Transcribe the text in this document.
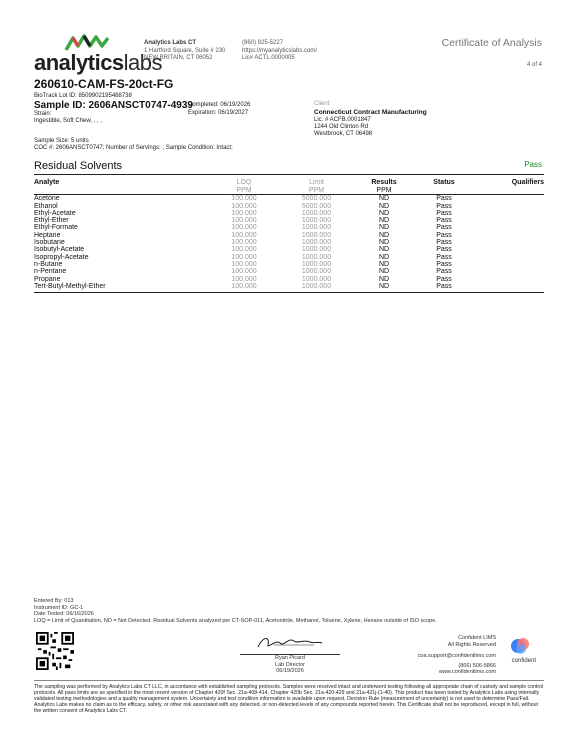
analyticslabs
Analytics Labs CT
1 Hartford Square, Suite # 230
NEW BRITAIN, CT 06052
(860) 925-5227
https://myanalyticslabs.com/
Lic# ACTL.0000005
Certificate of Analysis
4 of 4
260610-CAM-FS-20ct-FG
BioTrack Lot ID: 8509902195488738
Sample ID: 2606ANSCT0747-4939
Strain:
Ingestible, Soft Chew, , , ,
Completed: 06/19/2026
Expiration: 06/19/2027
Client
Connecticut Contract Manufacturing
Lic. # ACFB.0001847
1244 Old Clinton Rd
Westbrook, CT 06498
Sample Size: 5 units
COC #: 2606ANSCT0747; Number of Servings: ; Sample Condition: Intact;
Residual Solvents	Pass
Analyte	LOQ	Limit	Results	Status	Qualifiers
	PPM	PPM	PPM		
Acetone	100.000	5000.000	ND	Pass	
Ethanol	100.000	5000.000	ND	Pass	
Ethyl-Acetate	100.000	1000.000	ND	Pass	
Ethyl-Ether	100.000	1000.000	ND	Pass	
Ethyl-Formate	100.000	1000.000	ND	Pass	
Heptane	100.000	1000.000	ND	Pass	
Isobutane	100.000	1000.000	ND	Pass	
Isobutyl-Acetate	100.000	1000.000	ND	Pass	
Isopropyl-Acetate	100.000	1000.000	ND	Pass	
n-Butane	100.000	1000.000	ND	Pass	
n-Pentane	100.000	1000.000	ND	Pass	
Propane	100.000	1000.000	ND	Pass	
Tert-Butyl-Methyl-Ether	100.000	1000.000	ND	Pass	
Entered By: 013
Instrument ID: GC-1
Date Tested: 06/16/2026
LOQ = Limit of Quantitation, ND = Not Detected. Residual Solvents analyzed per CT-SOP-011, Acetonitrile, Methanol, Toluene, Xylene, Hexane outside of ISO scope.
Ryan Picard
Lab Director
06/19/2026
Confident LIMS
All Rights Reserved
coa.support@confidentlims.com
(866) 506-5866
www.confidentlims.com
confident
The sampling was performed by Analytics Labs CT LLC, in accordance with established sampling protocols. Samples were received intact and underwent testing following all appropriate chain of custody and sample control protocols. All pass limits are as specified in the most recent version of Chapter 420f Sec. 21a-408-414, Chapter 420b Sec. 21a-420-429 and 21a-421j-(1-40). This product has been tested by Analytics Labs using internally validated testing methodologies and a quality management system. Uncertainty and test condition information is available upon request. Decision Rule (measurement of uncertainty) is not used to determine Pass/Fail. Analytics Labs makes no claim as to the efficacy, safety, or other risk associated with any detected, or non-detected levels of any compounds reported herein. This Certificate shall not be reproduced, except in full, without the written consent of Analytics Labs CT.
